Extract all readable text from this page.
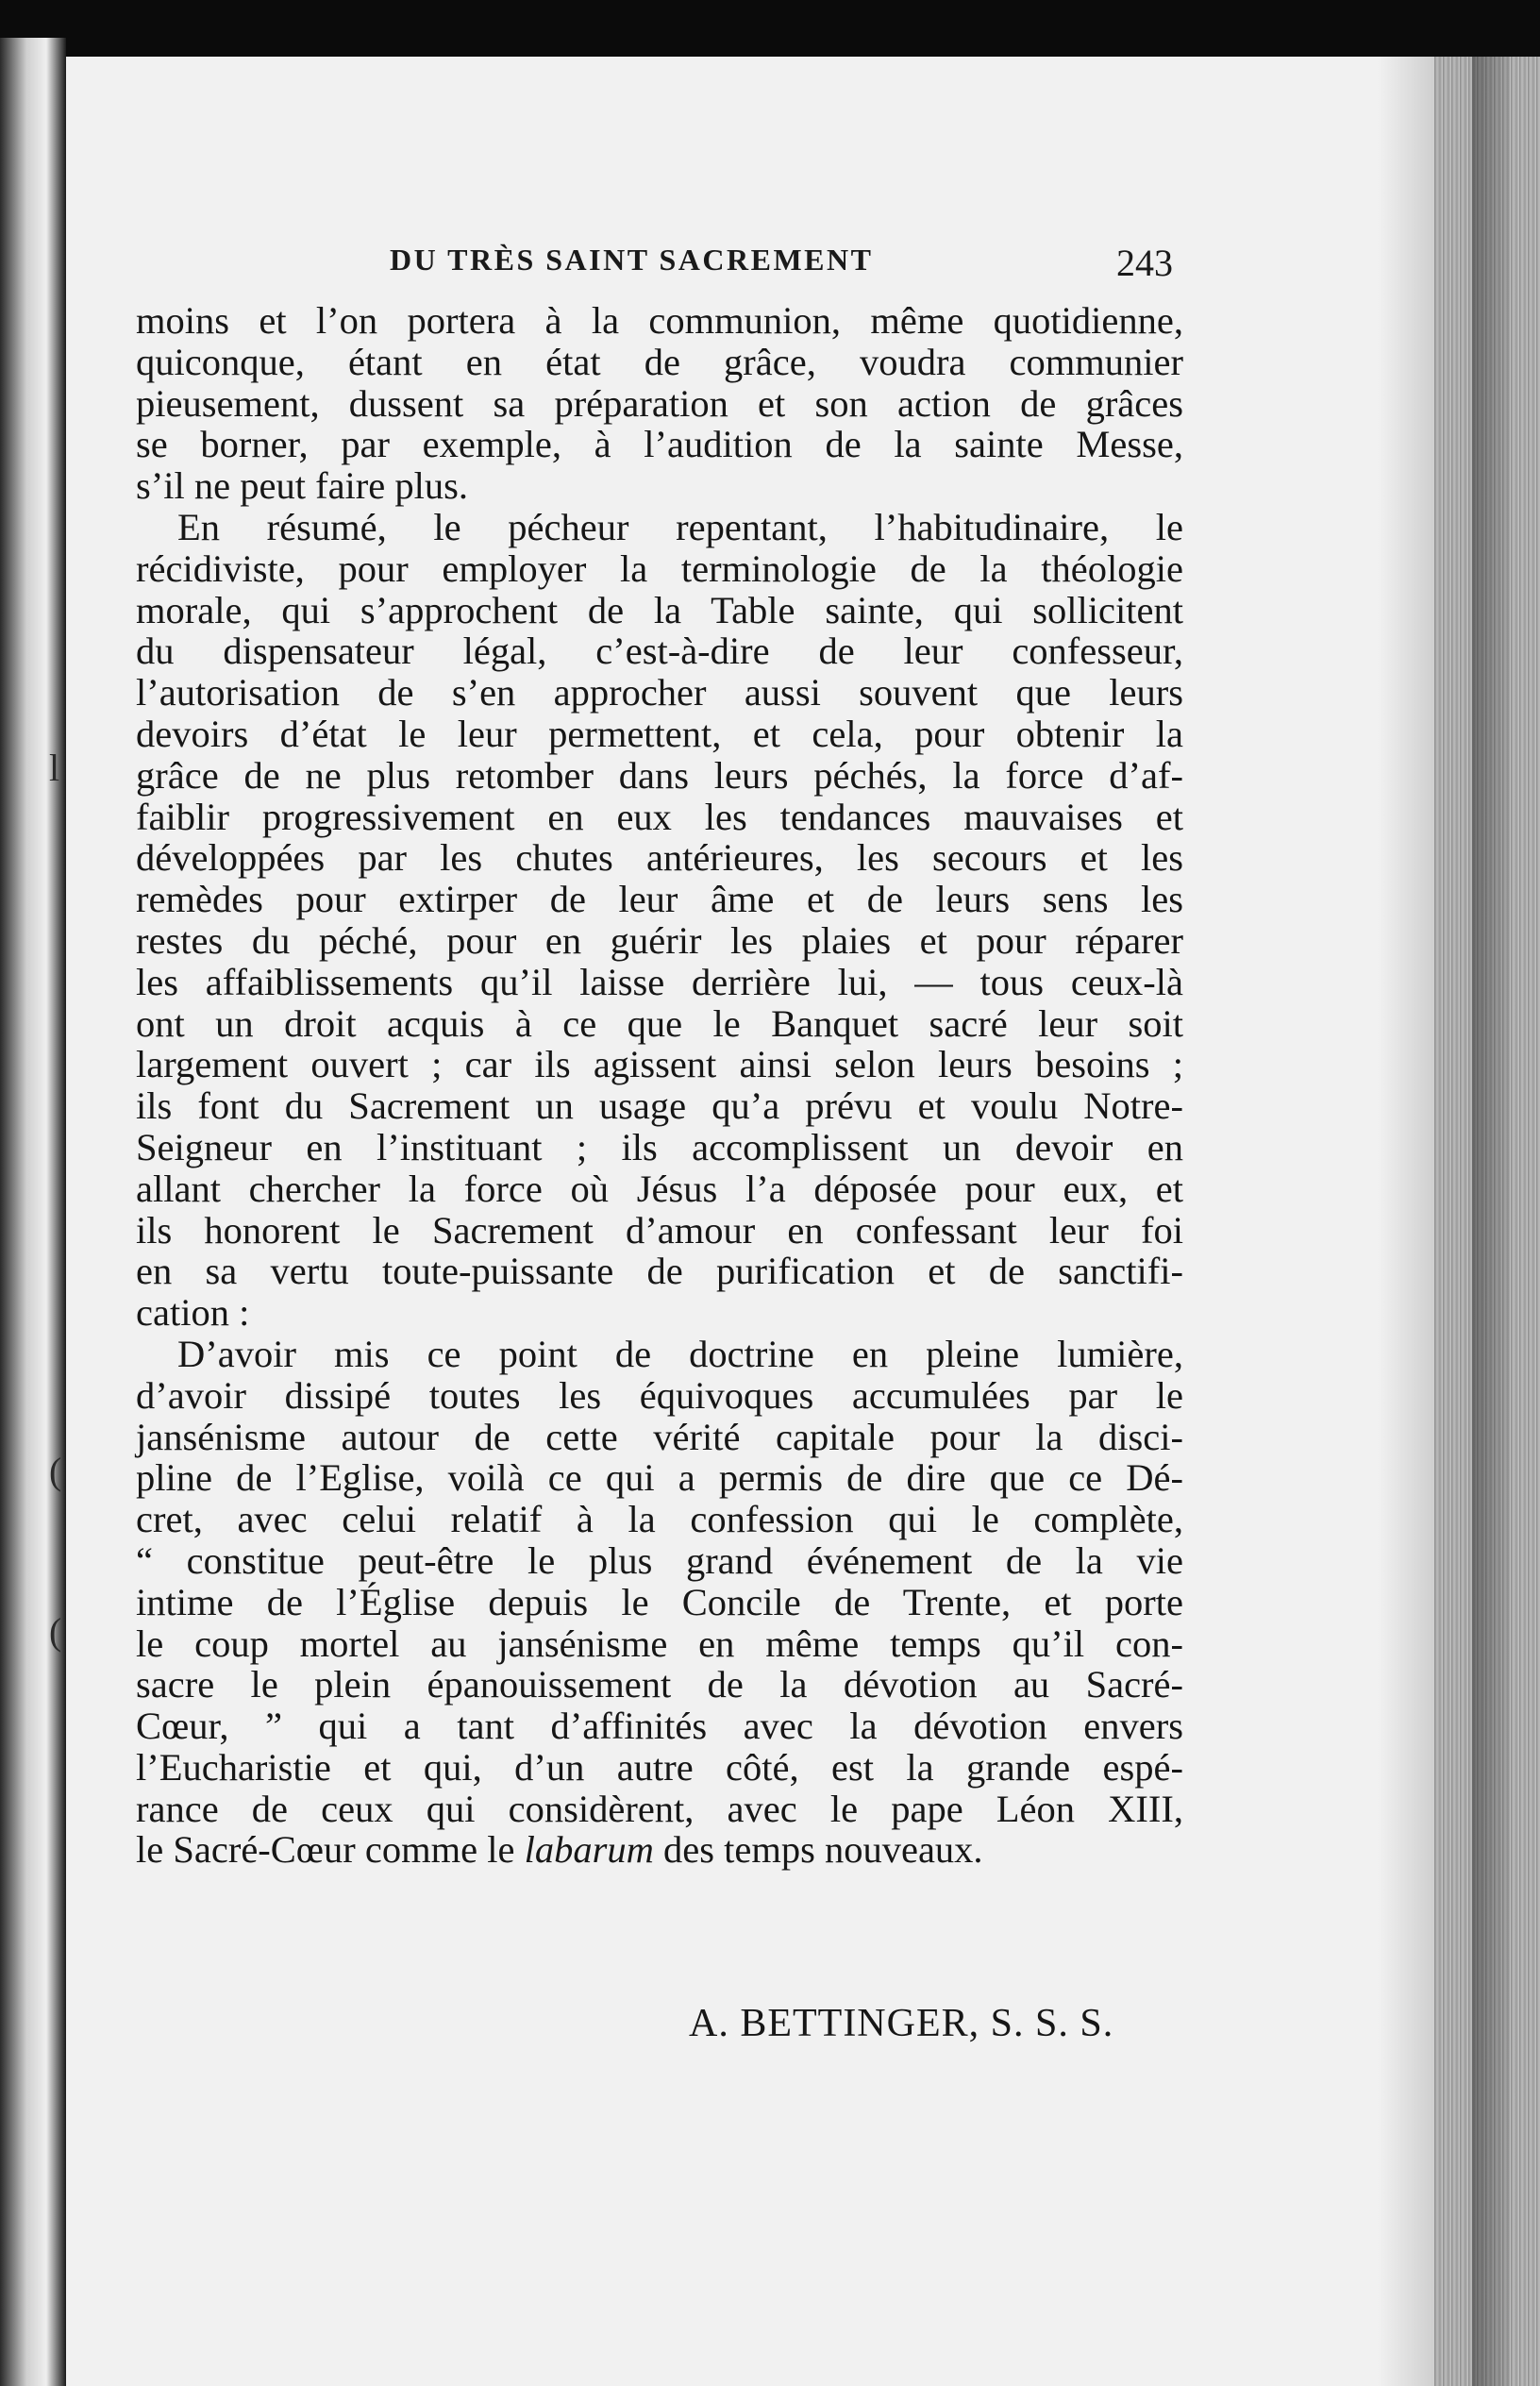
DU TRÈS SAINT SACREMENT	243
moins et l’on portera à la communion, même quotidienne,
quiconque, étant en état de grâce, voudra communier
pieusement, dussent sa préparation et son action de grâces
se borner, par exemple, à l’audition de la sainte Messe,
s’il ne peut faire plus.
En résumé, le pécheur repentant, l’habitudinaire, le
récidiviste, pour employer la terminologie de la théologie
morale, qui s’approchent de la Table sainte, qui sollicitent
du dispensateur légal, c’est-à-dire de leur confesseur,
l’autorisation de s’en approcher aussi souvent que leurs
devoirs d’état le leur permettent, et cela, pour obtenir la
grâce de ne plus retomber dans leurs péchés, la force d’af-
faiblir progressivement en eux les tendances mauvaises et
développées par les chutes antérieures, les secours et les
remèdes pour extirper de leur âme et de leurs sens les
restes du péché, pour en guérir les plaies et pour réparer
les affaiblissements qu’il laisse derrière lui, — tous ceux-là
ont un droit acquis à ce que le Banquet sacré leur soit
largement ouvert ; car ils agissent ainsi selon leurs besoins ;
ils font du Sacrement un usage qu’a prévu et voulu Notre-
Seigneur en l’instituant ; ils accomplissent un devoir en
allant chercher la force où Jésus l’a déposée pour eux, et
ils honorent le Sacrement d’amour en confessant leur foi
en sa vertu toute-puissante de purification et de sanctifi-
cation :
D’avoir mis ce point de doctrine en pleine lumière,
d’avoir dissipé toutes les équivoques accumulées par le
jansénisme autour de cette vérité capitale pour la disci-
pline de l’Eglise, voilà ce qui a permis de dire que ce Dé-
cret, avec celui relatif à la confession qui le complète,
“ constitue peut-être le plus grand événement de la vie
intime de l’Église depuis le Concile de Trente, et porte
le coup mortel au jansénisme en même temps qu’il con-
sacre le plein épanouissement de la dévotion au Sacré-
Cœur, ” qui a tant d’affinités avec la dévotion envers
l’Eucharistie et qui, d’un autre côté, est la grande espé-
rance de ceux qui considèrent, avec le pape Léon XIII,
le Sacré-Cœur comme le labarum des temps nouveaux.
A. BETTINGER, S. S. S.
l
(
(
